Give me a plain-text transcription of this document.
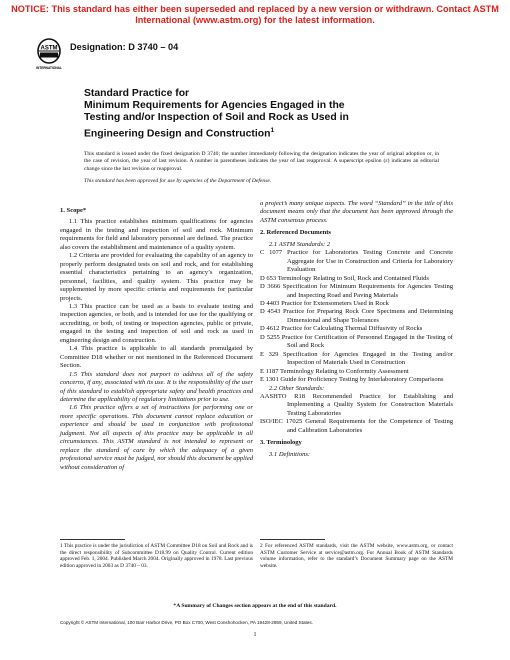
NOTICE: This standard has either been superseded and replaced by a new version or withdrawn. Contact ASTM
International (www.astm.org) for the latest information.
ASTM
INTERNATIONAL
Designation: D 3740 – 04
Standard Practice for
Minimum Requirements for Agencies Engaged in the
Testing and/or Inspection of Soil and Rock as Used in
Engineering Design and Construction$^1$
This standard is issued under the fixed designation D 3740; the number immediately following the designation indicates the year of original adoption or, in the case of revision, the year of last revision. A number in parentheses indicates the year of last reapproval. A superscript epsilon (ε) indicates an editorial change since the last revision or reapproval.
This standard has been approved for use by agencies of the Department of Defense.
1. Scope*

1.1 This practice establishes minimum qualifications for agencies engaged in the testing and inspection of soil and rock. Minimum requirements for field and laboratory personnel are defined. The practice also covers the establishment and maintenance of a quality system.

1.2 Criteria are provided for evaluating the capability of an agency to properly perform designated tests on soil and rock, and for establishing essential characteristics pertaining to an agency’s organization, personnel, facilities, and quality system. This practice may be supplemented by more specific criteria and requirements for particular projects.

1.3 This practice can be used as a basis to evaluate testing and inspection agencies, or both, and is intended for use for the qualifying or accrediting, or both, of testing or inspection agencies, public or private, engaged in the testing and inspection of soil and rock as used in engineering design and construction.

1.4 This practice is applicable to all standards promulgated by Committee D18 whether or not mentioned in the Referenced Document Section.

1.5 This standard does not purport to address all of the safety concerns, if any, associated with its use. It is the responsibility of the user of this standard to establish appropriate safety and health practices and determine the applicability of regulatory limitations prior to use.

1.6 This practice offers a set of instructions for performing one or more specific operations. This document cannot replace education or experience and should be used in conjunction with professional judgment. Not all aspects of this practice may be applicable in all circumstances. This ASTM standard is not intended to represent or replace the standard of care by which the adequacy of a given professional service must be judged, nor should this document be applied without consideration of

a project’s many unique aspects. The word “Standard” in the title of this document means only that the document has been approved through the ASTM consensus process.

2. Referenced Documents

2.1 ASTM Standards: 2

C 1077 Practice for Laboratories Testing Concrete and Concrete Aggregate for Use in Construction and Criteria for Laboratory Evaluation

D 653 Terminology Relating to Soil, Rock and Contained Fluids

D 3666 Specification for Minimum Requirements for Agencies Testing and Inspecting Road and Paving Materials

D 4403 Practice for Extensometers Used in Rock

D 4543 Practice for Preparing Rock Core Specimens and Determining Dimensional and Shape Tolerances

D 4612 Practice for Calculating Thermal Diffusivity of Rocks

D 5255 Practice for Certification of Personnel Engaged in the Testing of Soil and Rock

E 329 Specification for Agencies Engaged in the Testing and/or Inspection of Materials Used in Construction

E 1187 Terminology Relating to Conformity Assessment

E 1301 Guide for Proficiency Testing by Interlaboratory Comparisons

2.2 Other Standards:

AASHTO R18 Recommended Practice for Establishing and Implementing a Quality System for Construction Materials Testing Laboratories

ISO/IEC 17025 General Requirements for the Competence of Testing and Calibration Laboratories

3. Terminology

3.1 Definitions:

1 This practice is under the jurisdiction of ASTM Committee D18 on Soil and Rock and is the direct responsibility of Subcommittee D18.99 on Quality Control. Current edition approved Feb. 1, 2004. Published March 2004. Originally approved in 1978. Last previous edition approved in 2003 as D 3740 – 03.
2 For referenced ASTM standards, visit the ASTM website, www.astm.org, or contact ASTM Customer Service at service@astm.org. For Annual Book of ASTM Standards volume information, refer to the standard’s Document Summary page on the ASTM website.
*A Summary of Changes section appears at the end of this standard.
Copyright © ASTM International, 100 Barr Harbor Drive, PO Box C700, West Conshohocken, PA 19428-2959, United States.
1
